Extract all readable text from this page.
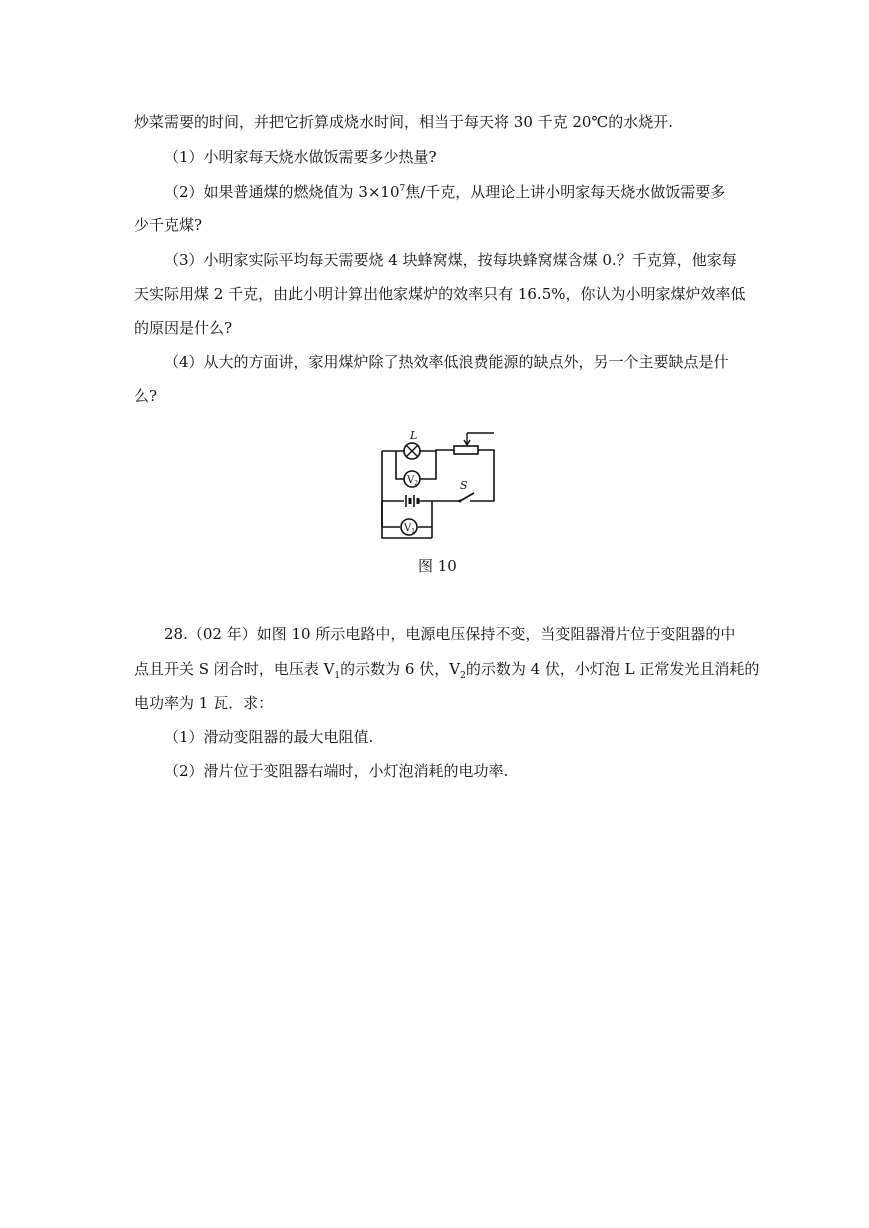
炒菜需要的时间，并把它折算成烧水时间，相当于每天将 30 千克 20℃的水烧开.
（1）小明家每天烧水做饭需要多少热量?
（2）如果普通煤的燃烧值为 $3\times 10^7$焦/千克，从理论上讲小明家每天烧水做饭需要多
少千克煤?
（3）小明家实际平均每天需要烧 4 块蜂窝煤，按每块蜂窝煤含煤 0.？千克算，他家每
天实际用煤 2 千克，由此小明计算出他家煤炉的效率只有 16.5%，你认为小明家煤炉效率低
的原因是什么?
（4）从大的方面讲，家用煤炉除了热效率低浪费能源的缺点外，另一个主要缺点是什
么?
L
$V_2$	S
$V_1$
图 10
28.（02 年）如图 10 所示电路中，电源电压保持不变，当变阻器滑片位于变阻器的中
点且开关 S 闭合时，电压表 $V_1$的示数为 6 伏，$V_2$的示数为 4 伏，小灯泡 L 正常发光且消耗的
电功率为 1 瓦．求：
（1）滑动变阻器的最大电阻值.
（2）滑片位于变阻器右端时，小灯泡消耗的电功率.
